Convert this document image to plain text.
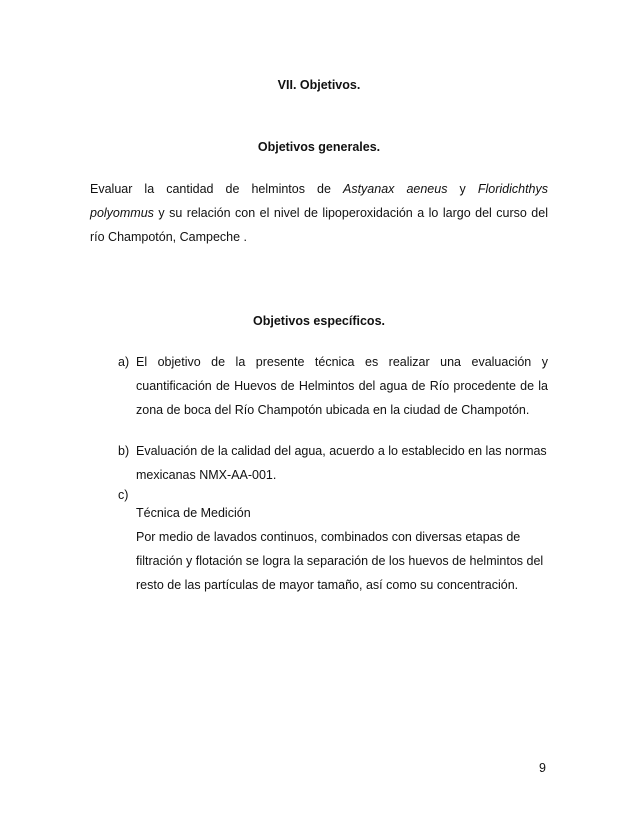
VII. Objetivos.
Objetivos generales.
Evaluar la cantidad de helmintos de Astyanax aeneus y Floridichthys
polyommus y su relación con el nivel de lipoperoxidación a lo largo del curso del
río Champotón, Campeche .
Objetivos específicos.
a) El objetivo de la presente técnica es realizar una evaluación y
cuantificación de Huevos de Helmintos del agua de Río procedente de la
zona de boca del Río Champotón ubicada en la ciudad de Champotón.
b) Evaluación de la calidad del agua, acuerdo a lo establecido en las normas
mexicanas NMX-AA-001.
c)
Técnica de Medición
Por medio de lavados continuos, combinados con diversas etapas de
filtración y flotación se logra la separación de los huevos de helmintos del
resto de las partículas de mayor tamaño, así como su concentración.
9
